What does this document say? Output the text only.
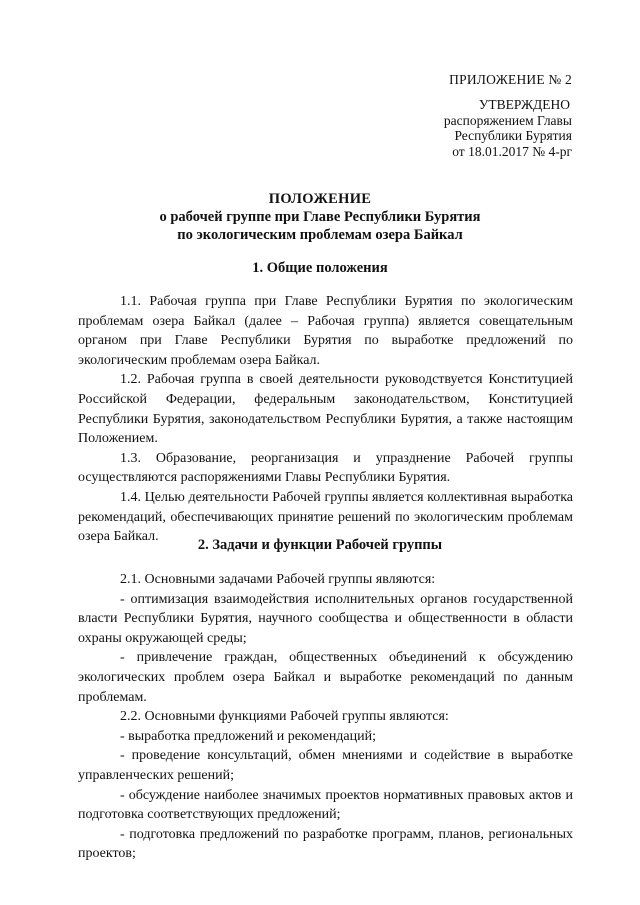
ПРИЛОЖЕНИЕ № 2
УТВЕРЖДЕНО
распоряжением Главы
Республики Бурятия
от 18.01.2017 № 4-рг
ПОЛОЖЕНИЕ
о рабочей группе при Главе Республики Бурятия
по экологическим проблемам озера Байкал
1. Общие положения

1.1. Рабочая группа при Главе Республики Бурятия по экологическим проблемам озера Байкал (далее – Рабочая группа) является совещательным органом при Главе Республики Бурятия по выработке предложений по экологическим проблемам озера Байкал.

1.2. Рабочая группа в своей деятельности руководствуется Конституцией Российской Федерации, федеральным законодательством, Конституцией Республики Бурятия, законодательством Республики Бурятия, а также настоящим Положением.

1.3. Образование, реорганизация и упразднение Рабочей группы осуществляются распоряжениями Главы Республики Бурятия.

1.4. Целью деятельности Рабочей группы является коллективная выработка рекомендаций, обеспечивающих принятие решений по экологическим проблемам озера Байкал.

2. Задачи и функции Рабочей группы

2.1. Основными задачами Рабочей группы являются:

- оптимизация взаимодействия исполнительных органов государственной власти Республики Бурятия, научного сообщества и общественности в области охраны окружающей среды;

- привлечение граждан, общественных объединений к обсуждению экологических проблем озера Байкал и выработке рекомендаций по данным проблемам.

2.2. Основными функциями Рабочей группы являются:

- выработка предложений и рекомендаций;

- проведение консультаций, обмен мнениями и содействие в выработке управленческих решений;

- обсуждение наиболее значимых проектов нормативных правовых актов и подготовка соответствующих предложений;

- подготовка предложений по разработке программ, планов, региональных проектов;
